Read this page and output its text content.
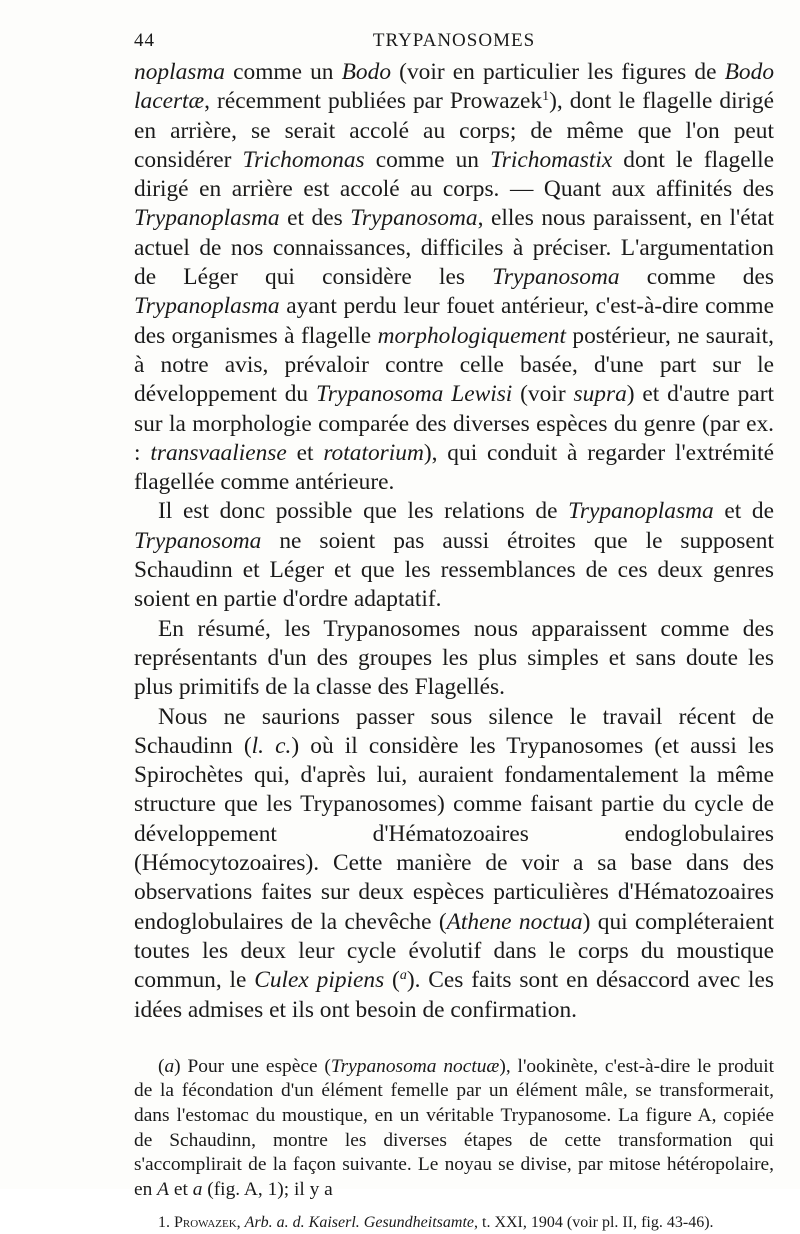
44	TRYPANOSOMES

noplasma comme un Bodo (voir en particulier les figures de Bodo lacertæ, récemment publiées par Prowazek$^1$), dont le flagelle dirigé en arrière, se serait accolé au corps; de même que l'on peut considérer Trichomonas comme un Trichomastix dont le flagelle dirigé en arrière est accolé au corps. — Quant aux affinités des Trypanoplasma et des Trypanosoma, elles nous paraissent, en l'état actuel de nos connaissances, difficiles à préciser. L'argumentation de Léger qui considère les Trypanosoma comme des Trypanoplasma ayant perdu leur fouet antérieur, c'est-à-dire comme des organismes à flagelle morphologiquement postérieur, ne saurait, à notre avis, prévaloir contre celle basée, d'une part sur le développement du Trypanosoma Lewisi (voir supra) et d'autre part sur la morphologie comparée des diverses espèces du genre (par ex. : transvaaliense et rotatorium), qui conduit à regarder l'extrémité flagellée comme antérieure.

Il est donc possible que les relations de Trypanoplasma et de Trypanosoma ne soient pas aussi étroites que le supposent Schaudinn et Léger et que les ressemblances de ces deux genres soient en partie d'ordre adaptatif.

En résumé, les Trypanosomes nous apparaissent comme des représentants d'un des groupes les plus simples et sans doute les plus primitifs de la classe des Flagellés.

Nous ne saurions passer sous silence le travail récent de Schaudinn (l. c.) où il considère les Trypanosomes (et aussi les Spirochètes qui, d'après lui, auraient fondamentalement la même structure que les Trypanosomes) comme faisant partie du cycle de développement d'Hématozoaires endoglobulaires (Hémocytozoaires). Cette manière de voir a sa base dans des observations faites sur deux espèces particulières d'Hématozoaires endoglobulaires de la chevêche (Athene noctua) qui compléteraient toutes les deux leur cycle évolutif dans le corps du moustique commun, le Culex pipiens ($^a$). Ces faits sont en désaccord avec les idées admises et ils ont besoin de confirmation.

(a) Pour une espèce (Trypanosoma noctuæ), l'ookinète, c'est-à-dire le produit de la fécondation d'un élément femelle par un élément mâle, se transformerait, dans l'estomac du moustique, en un véritable Trypanosome. La figure A, copiée de Schaudinn, montre les diverses étapes de cette transformation qui s'accomplirait de la façon suivante. Le noyau se divise, par mitose hétéropolaire, en A et a (fig. A, 1); il y a
1. Prowazek, Arb. a. d. Kaiserl. Gesundheitsamte, t. XXI, 1904 (voir pl. II, fig. 43-46).
